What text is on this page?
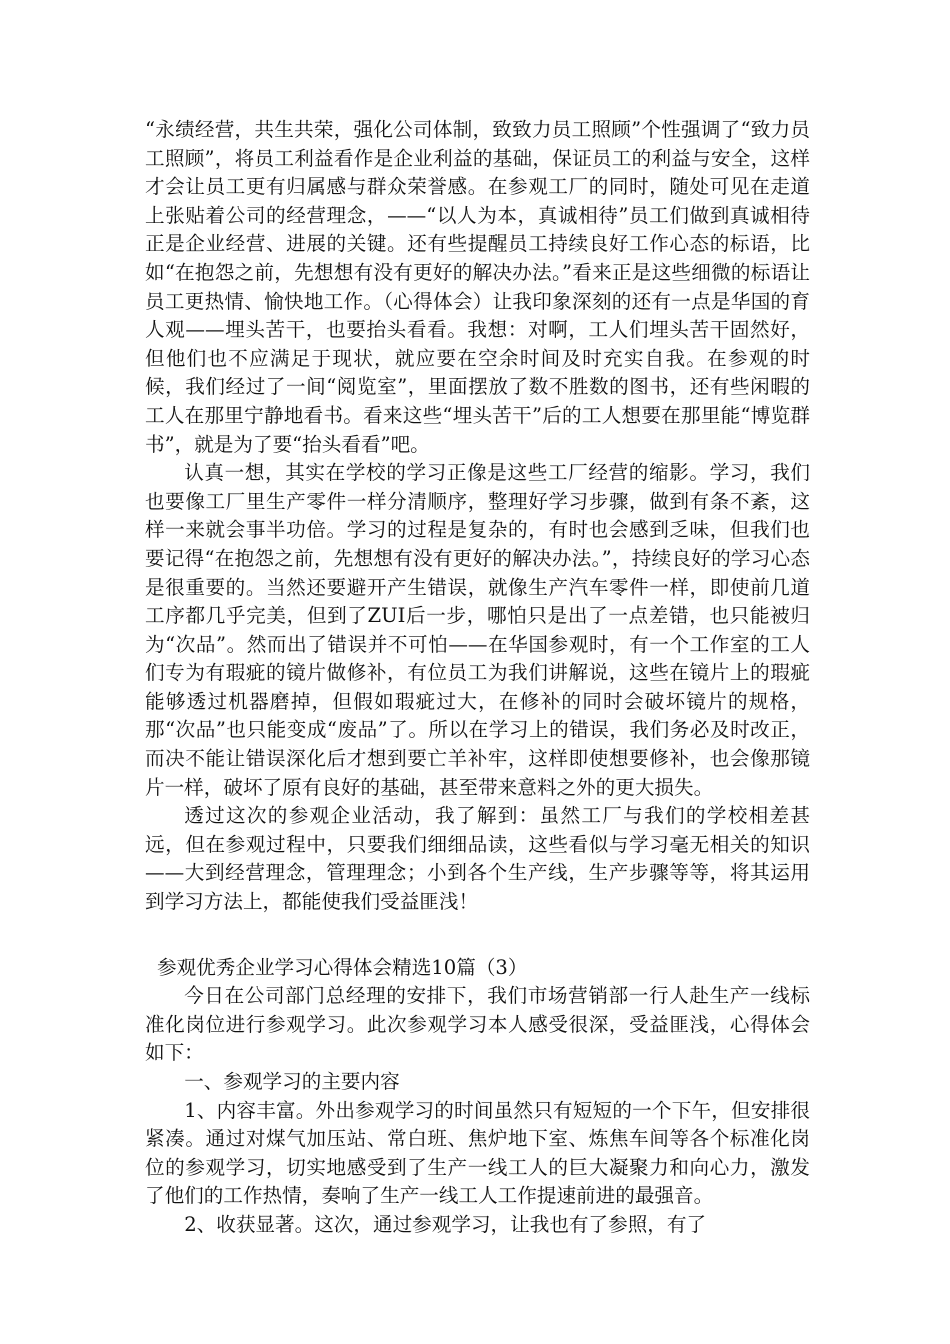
“永绩经营，共生共荣，强化公司体制，致致力员工照顾”个性强调了“致力员工照顾”，将员工利益看作是企业利益的基础，保证员工的利益与安全，这样才会让员工更有归属感与群众荣誉感。在参观工厂的同时，随处可见在走道上张贴着公司的经营理念，——“以人为本，真诚相待”员工们做到真诚相待正是企业经营、进展的关键。还有些提醒员工持续良好工作心态的标语，比如“在抱怨之前，先想想有没有更好的解决办法。”看来正是这些细微的标语让员工更热情、愉快地工作。（心得体会）让我印象深刻的还有一点是华国的育人观——埋头苦干，也要抬头看看。我想：对啊，工人们埋头苦干固然好，但他们也不应满足于现状，就应要在空余时间及时充实自我。在参观的时候，我们经过了一间“阅览室”，里面摆放了数不胜数的图书，还有些闲暇的工人在那里宁静地看书。看来这些“埋头苦干”后的工人想要在那里能“博览群书”，就是为了要“抬头看看”吧。

认真一想，其实在学校的学习正像是这些工厂经营的缩影。学习，我们也要像工厂里生产零件一样分清顺序，整理好学习步骤，做到有条不紊，这样一来就会事半功倍。学习的过程是复杂的，有时也会感到乏味，但我们也要记得“在抱怨之前，先想想有没有更好的解决办法。”，持续良好的学习心态是很重要的。当然还要避开产生错误，就像生产汽车零件一样，即使前几道工序都几乎完美，但到了ZUI后一步，哪怕只是出了一点差错，也只能被归为“次品”。然而出了错误并不可怕——在华国参观时，有一个工作室的工人们专为有瑕疵的镜片做修补，有位员工为我们讲解说，这些在镜片上的瑕疵能够透过机器磨掉，但假如瑕疵过大，在修补的同时会破坏镜片的规格，那“次品”也只能变成“废品”了。所以在学习上的错误，我们务必及时改正，而决不能让错误深化后才想到要亡羊补牢，这样即使想要修补，也会像那镜片一样，破坏了原有良好的基础，甚至带来意料之外的更大损失。

透过这次的参观企业活动，我了解到：虽然工厂与我们的学校相差甚远，但在参观过程中，只要我们细细品读，这些看似与学习毫无相关的知识——大到经营理念，管理理念；小到各个生产线，生产步骤等等，将其运用到学习方法上，都能使我们受益匪浅！

参观优秀企业学习心得体会精选10篇（3）

今日在公司部门总经理的安排下，我们市场营销部一行人赴生产一线标准化岗位进行参观学习。此次参观学习本人感受很深，受益匪浅，心得体会如下：

一、参观学习的主要内容

1、内容丰富。外出参观学习的时间虽然只有短短的一个下午，但安排很紧凑。通过对煤气加压站、常白班、焦炉地下室、炼焦车间等各个标准化岗位的参观学习，切实地感受到了生产一线工人的巨大凝聚力和向心力，激发了他们的工作热情，奏响了生产一线工人工作提速前进的最强音。

2、收获显著。这次，通过参观学习，让我也有了参照，有了
